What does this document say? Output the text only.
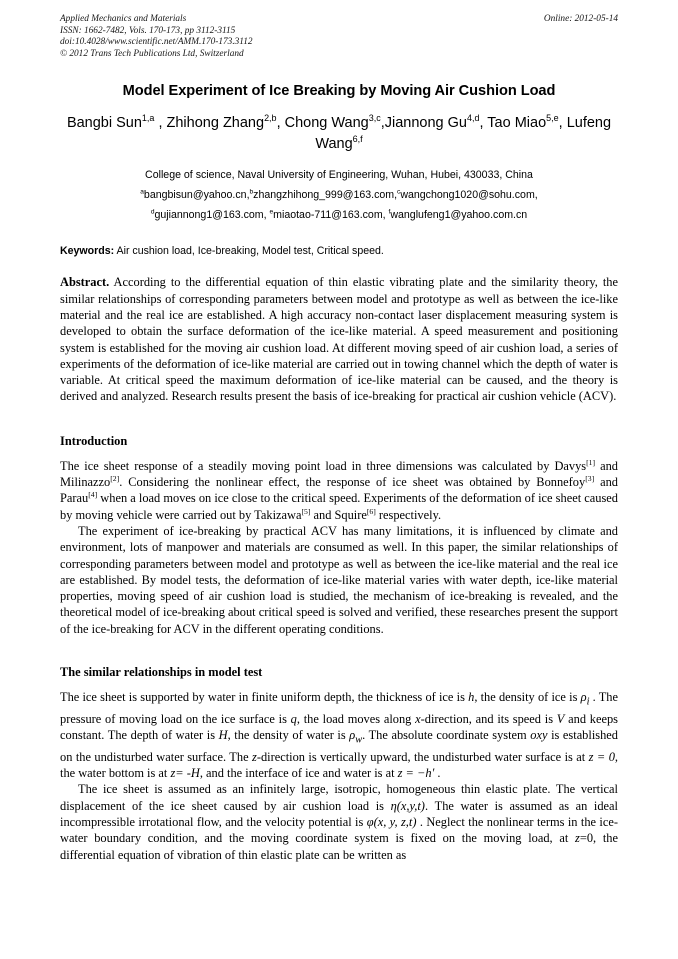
Applied Mechanics and Materials	Online: 2012-05-14
ISSN: 1662-7482, Vols. 170-173, pp 3112-3115
doi:10.4028/www.scientific.net/AMM.170-173.3112
© 2012 Trans Tech Publications Ltd, Switzerland
Model Experiment of Ice Breaking by Moving Air Cushion Load
Bangbi Sun$^{1,a}$ , Zhihong Zhang$^{2,b}$, Chong Wang$^{3,c}$,Jiannong Gu$^{4,d}$, Tao Miao$^{5,e}$, Lufeng Wang$^{6,f}$
College of science, Naval University of Engineering, Wuhan, Hubei, 430033, China
$^a$bangbisun@yahoo.cn,$^b$zhangzhihong_999@163.com,$^c$wangchong1020@sohu.com,
$^d$gujiannong1@163.com, $^e$miaotao-711@163.com, $^f$wanglufeng1@yahoo.com.cn
Keywords: Air cushion load, Ice-breaking, Model test, Critical speed.
Abstract. According to the differential equation of thin elastic vibrating plate and the similarity theory, the similar relationships of corresponding parameters between model and prototype as well as between the ice-like material and the real ice are established. A high accuracy non-contact laser displacement measuring system is developed to obtain the surface deformation of the ice-like material. A speed measurement and positioning system is established for the moving air cushion load. At different moving speed of air cushion load, a series of experiments of the deformation of ice-like material are carried out in towing channel which the depth of water is variable. At critical speed the maximum deformation of ice-like material can be caused, and the theory is derived and analyzed. Research results present the basis of ice-breaking for practical air cushion vehicle (ACV).
Introduction
The ice sheet response of a steadily moving point load in three dimensions was calculated by Davys[1] and Milinazzo[2]. Considering the nonlinear effect, the response of ice sheet was obtained by Bonnefoy[3] and Parau[4] when a load moves on ice close to the critical speed. Experiments of the deformation of ice sheet caused by moving vehicle were carried out by Takizawa[5] and Squire[6] respectively.
The experiment of ice-breaking by practical ACV has many limitations, it is influenced by climate and environment, lots of manpower and materials are consumed as well. In this paper, the similar relationships of corresponding parameters between model and prototype as well as between the ice-like material and the real ice are established. By model tests, the deformation of ice-like material varies with water depth, ice-like material properties, moving speed of air cushion load is studied, the mechanism of ice-breaking is revealed, and the theoretical model of ice-breaking about critical speed is solved and verified, these researches present the support of the ice-breaking for ACV in the different operating conditions.
The similar relationships in model test
The ice sheet is supported by water in finite uniform depth, the thickness of ice is h, the density of ice is $\rho_i$ . The pressure of moving load on the ice surface is q, the load moves along x-direction, and its speed is V and keeps constant. The depth of water is H, the density of water is $\rho_w$. The absolute coordinate system oxy is established on the undisturbed water surface. The z-direction is vertically upward, the undisturbed water surface is at z = 0, the water bottom is at z= -H, and the interface of ice and water is at z = −h′ .
The ice sheet is assumed as an infinitely large, isotropic, homogeneous thin elastic plate. The vertical displacement of the ice sheet caused by air cushion load is η(x,y,t). The water is assumed as an ideal incompressible irrotational flow, and the velocity potential is φ(x, y, z,t) . Neglect the nonlinear terms in the ice-water boundary condition, and the moving coordinate system is fixed on the moving load, at z=0, the differential equation of vibration of thin elastic plate can be written as
